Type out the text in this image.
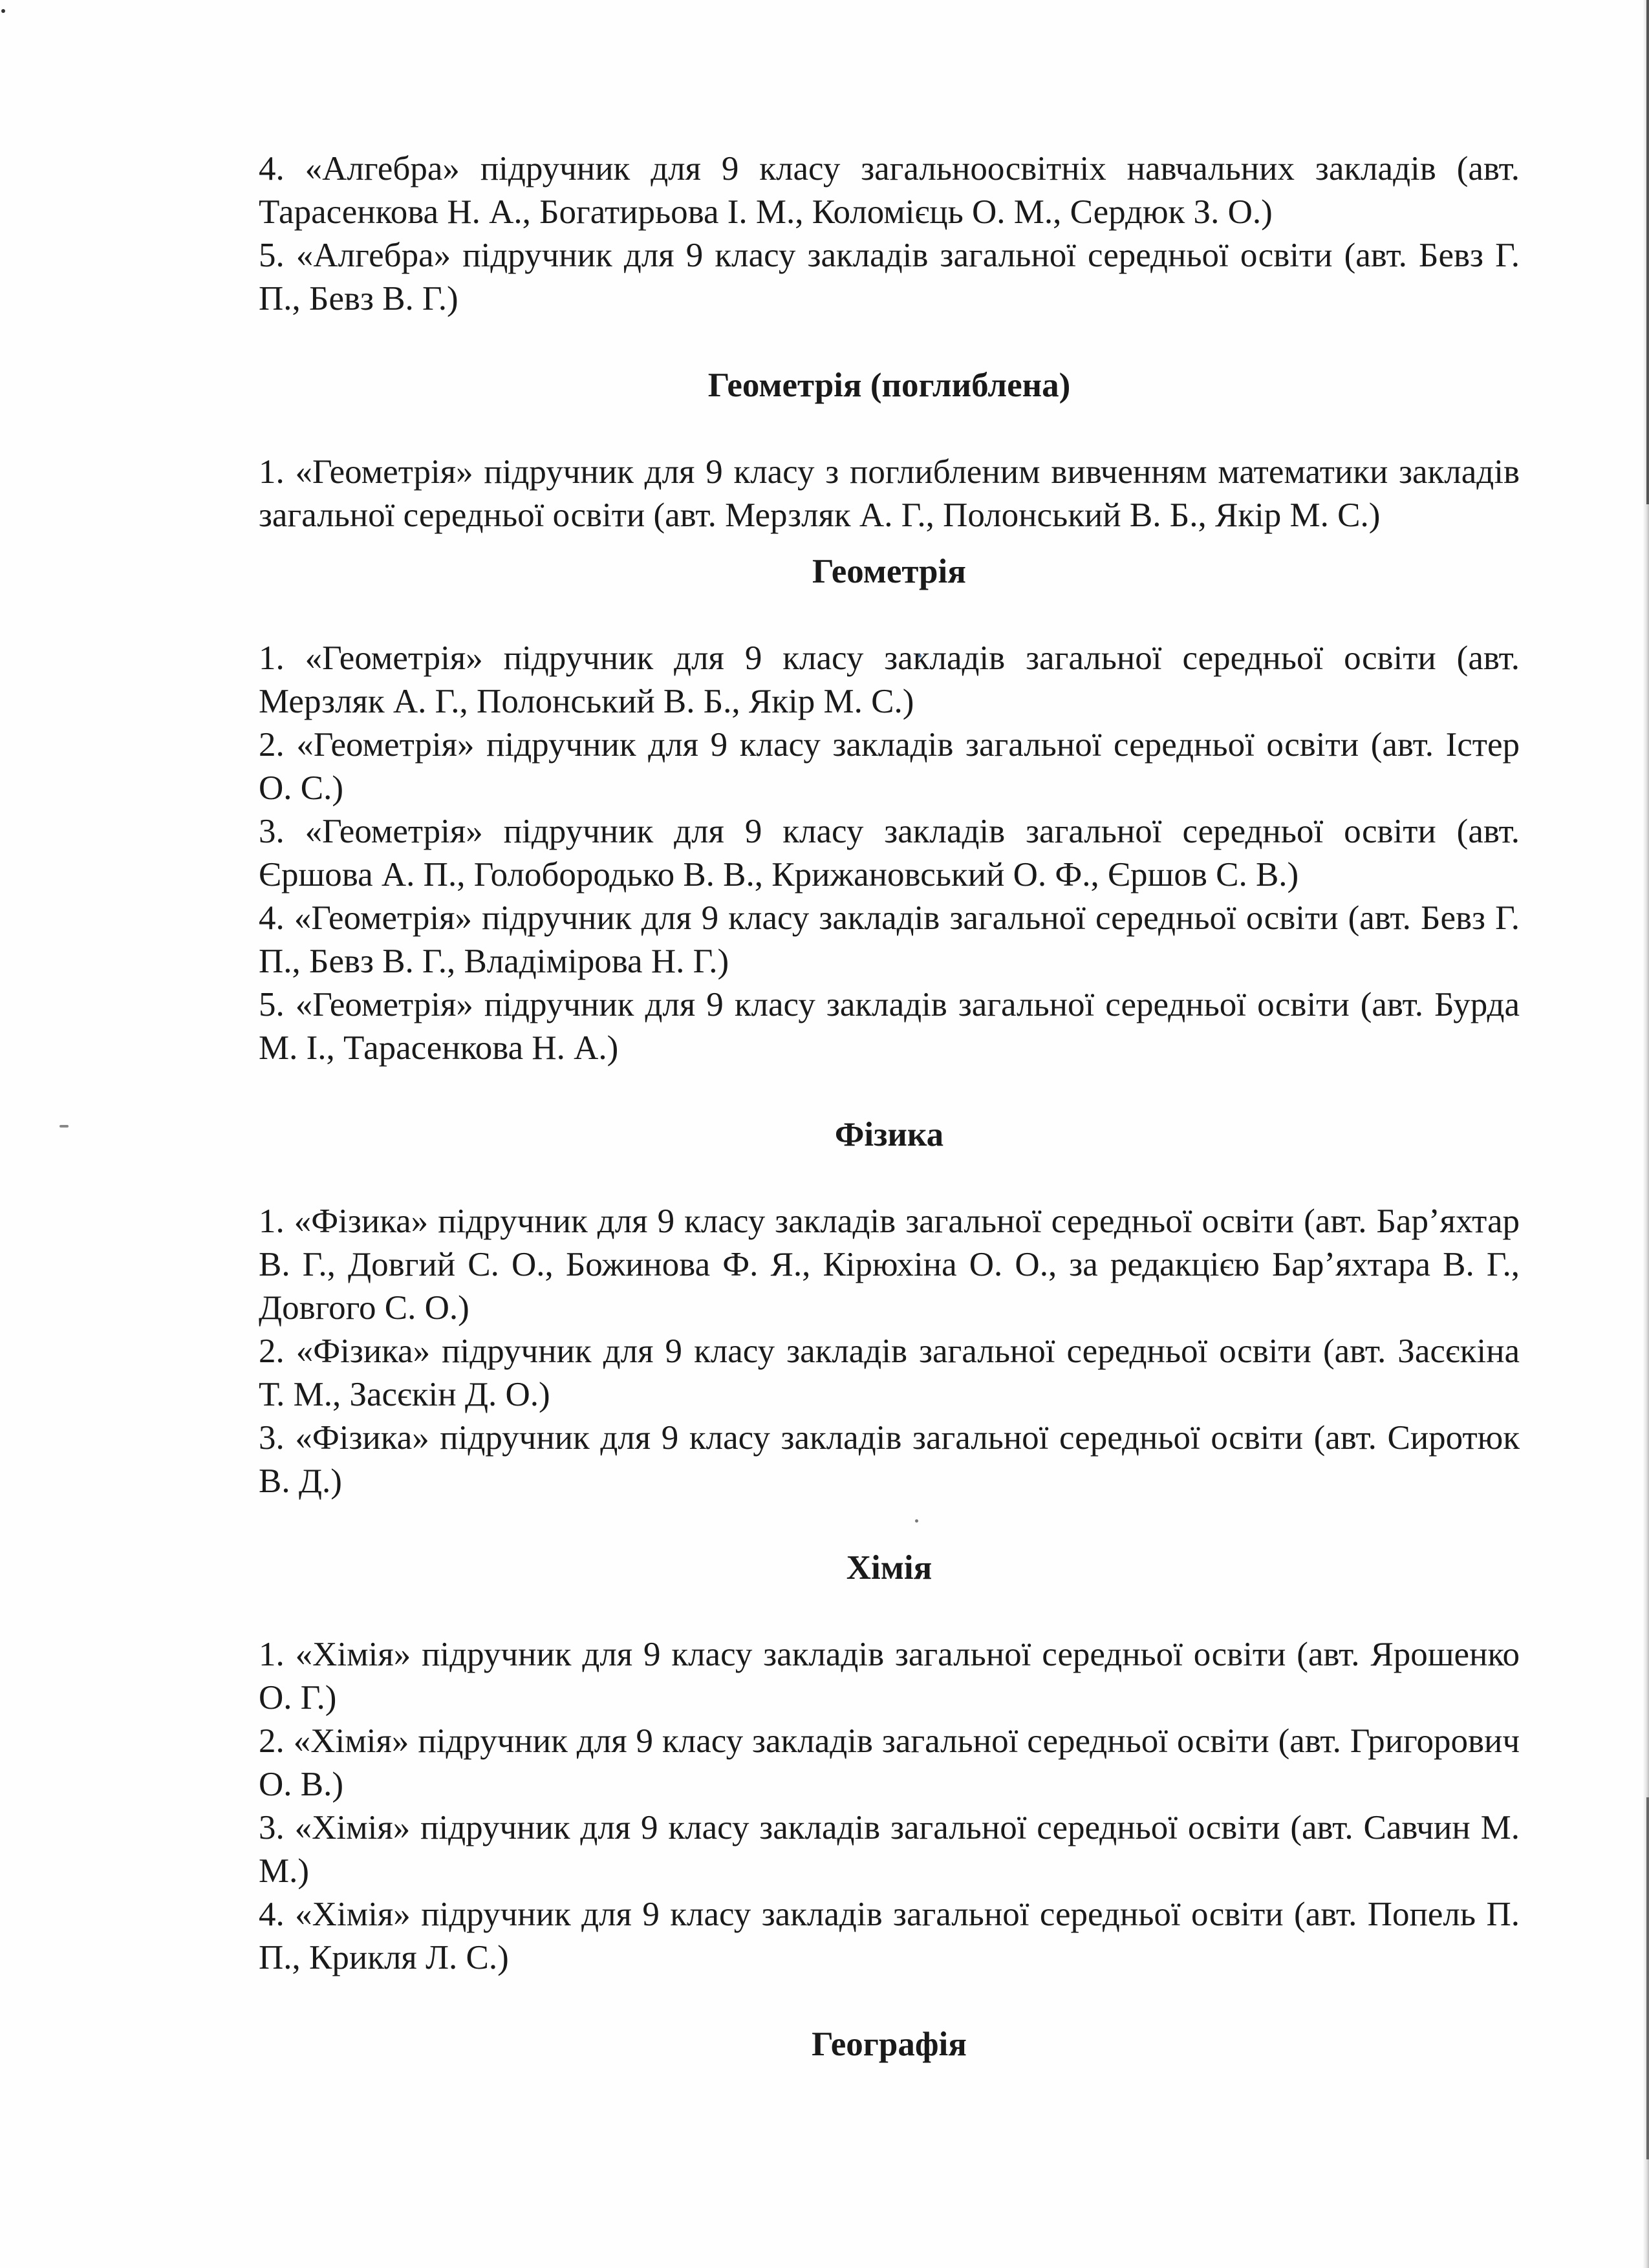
4. «Алгебра» підручник для 9 класу загальноосвітніх навчальних закладів (авт. Тарасенкова Н. А., Богатирьова І. М., Коломієць О. М., Сердюк З. О.)

5. «Алгебра» підручник для 9 класу закладів загальної середньої освіти (авт. Бевз Г. П., Бевз В. Г.)

Геометрія (поглиблена)

1. «Геометрія» підручник для 9 класу з поглибленим вивченням математики закладів загальної середньої освіти (авт. Мерзляк А. Г., Полонський В. Б., Якір М. С.)

Геометрія

1. «Геометрія» підручник для 9 класу закладів загальної середньої освіти (авт. Мерзляк А. Г., Полонський В. Б., Якір М. С.)

2. «Геометрія» підручник для 9 класу закладів загальної середньої освіти (авт. Істер О. С.)

3. «Геометрія» підручник для 9 класу закладів загальної середньої освіти (авт. Єршова А. П., Голобородько В. В., Крижановський О. Ф., Єршов С. В.)

4. «Геометрія» підручник для 9 класу закладів загальної середньої освіти (авт. Бевз Г. П., Бевз В. Г., Владімірова Н. Г.)

5. «Геометрія» підручник для 9 класу закладів загальної середньої освіти (авт. Бурда М. І., Тарасенкова Н. А.)

Фізика

1. «Фізика» підручник для 9 класу закладів загальної середньої освіти (авт. Бар’яхтар В. Г., Довгий С. О., Божинова Ф. Я., Кірюхіна О. О., за редакцією Бар’яхтара В. Г., Довгого С. О.)

2. «Фізика» підручник для 9 класу закладів загальної середньої освіти (авт. Засєкіна Т. М., Засєкін Д. О.)

3. «Фізика» підручник для 9 класу закладів загальної середньої освіти (авт. Сиротюк В. Д.)

Хімія

1. «Хімія» підручник для 9 класу закладів загальної середньої освіти (авт. Ярошенко О. Г.)

2. «Хімія» підручник для 9 класу закладів загальної середньої освіти (авт. Григорович О. В.)

3. «Хімія» підручник для 9 класу закладів загальної середньої освіти (авт. Савчин М. М.)

4. «Хімія» підручник для 9 класу закладів загальної середньої освіти (авт. Попель П. П., Крикля Л. С.)

Географія
